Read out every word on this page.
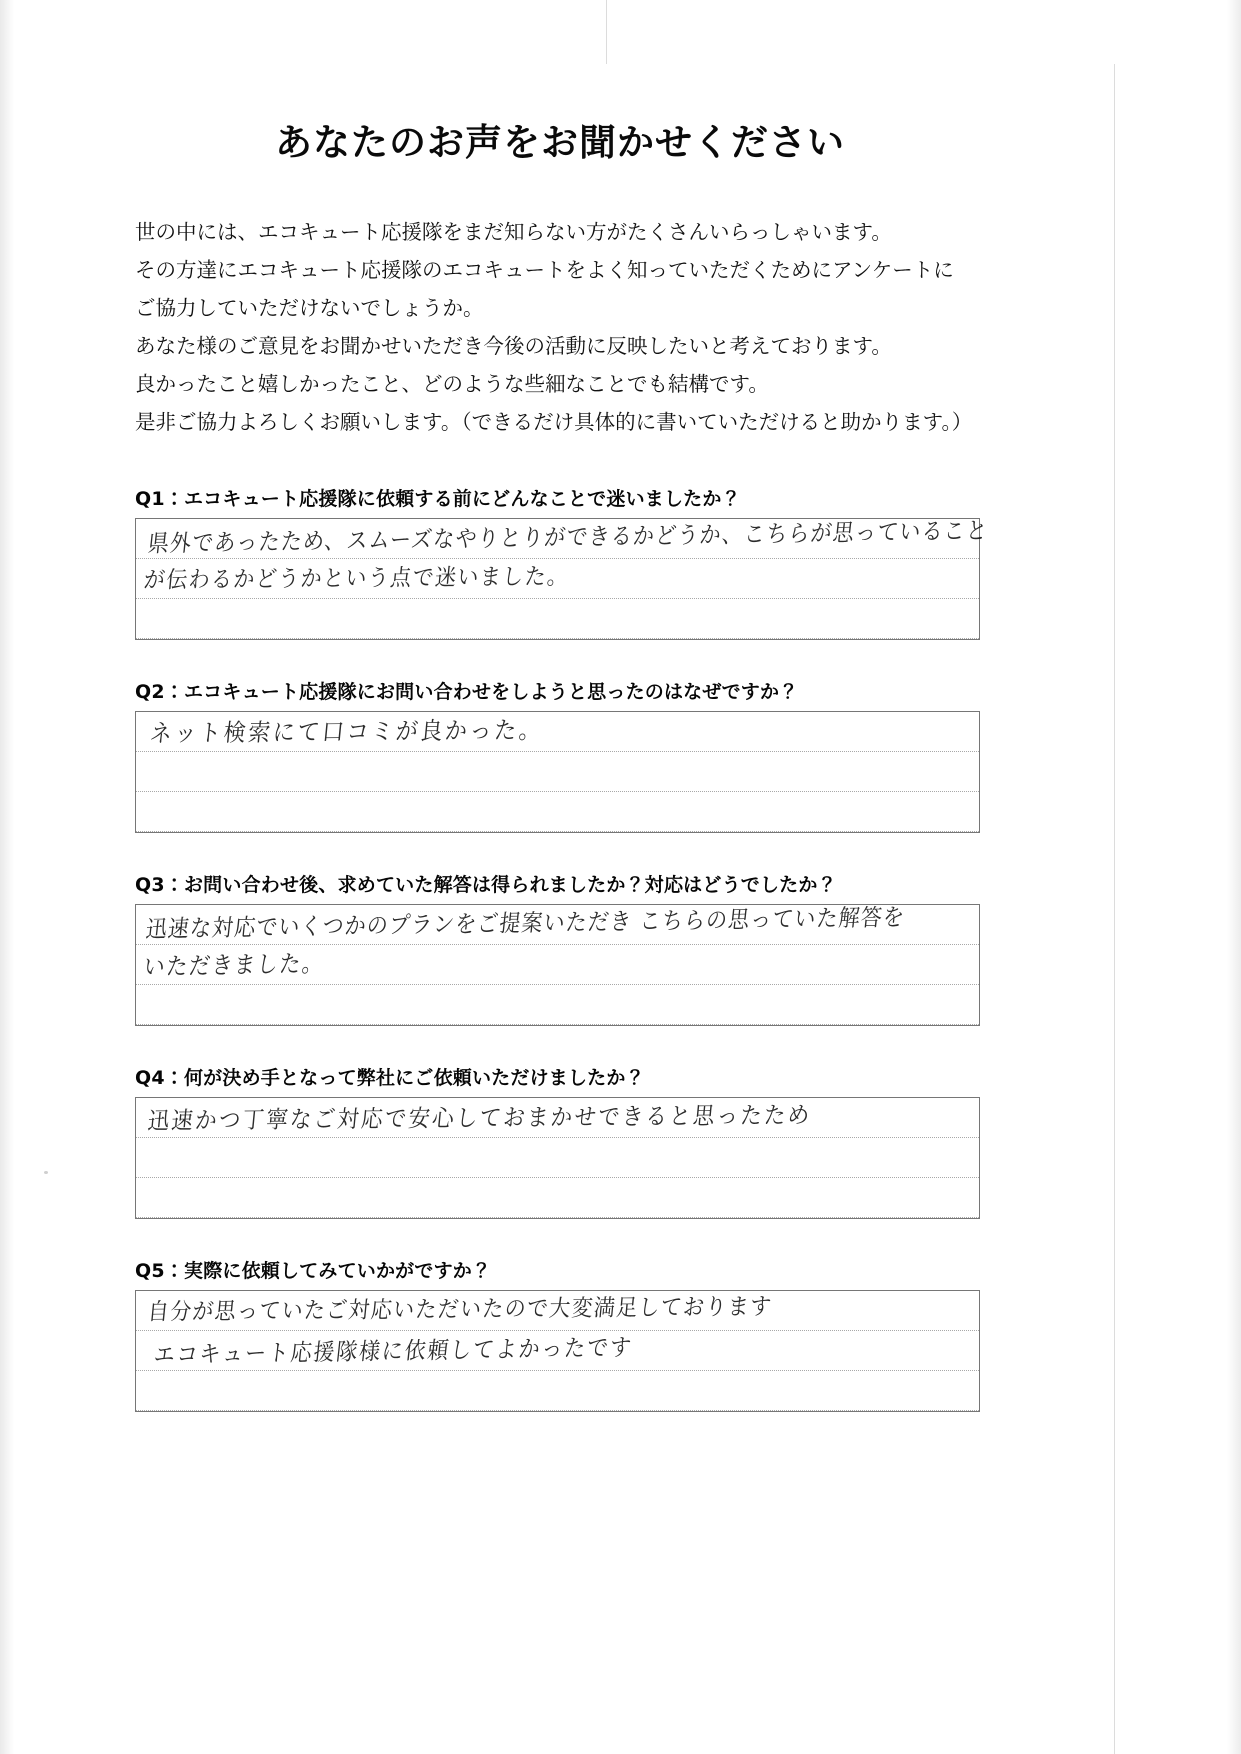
あなたのお声をお聞かせください
世の中には、エコキュート応援隊をまだ知らない方がたくさんいらっしゃいます。
その方達にエコキュート応援隊のエコキュートをよく知っていただくためにアンケートに
ご協力していただけないでしょうか。
あなた様のご意見をお聞かせいただき今後の活動に反映したいと考えております。
良かったこと嬉しかったこと、どのような些細なことでも結構です。
是非ご協力よろしくお願いします。（できるだけ具体的に書いていただけると助かります。）
Q1：エコキュート応援隊に依頼する前にどんなことで迷いましたか？
県外であったため、スムーズなやりとりができるかどうか、こちらが思っていること
が伝わるかどうかという点で迷いました。
Q2：エコキュート応援隊にお問い合わせをしようと思ったのはなぜですか？
ネット検索にて口コミが良かった。
Q3：お問い合わせ後、求めていた解答は得られましたか？対応はどうでしたか？
迅速な対応でいくつかのプランをご提案いただき こちらの思っていた解答を
いただきました。
Q4：何が決め手となって弊社にご依頼いただけましたか？
迅速かつ丁寧なご対応で安心しておまかせできると思ったため
Q5：実際に依頼してみていかがですか？
自分が思っていたご対応いただいたので大変満足しております
エコキュート応援隊様に依頼してよかったです
